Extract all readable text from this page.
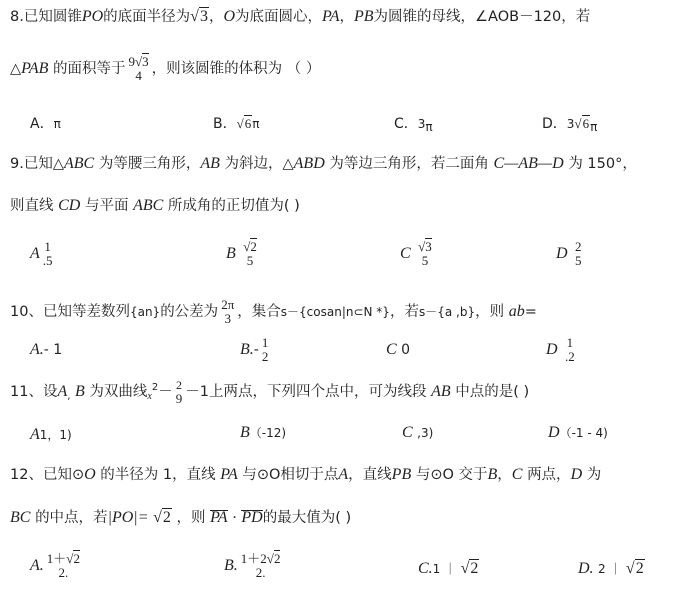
8.已知圆锥PO的底面半径为√3，O为底面圆心，PA，PB为圆锥的母线，∠AOB－120，若
△PAB 的面积等于 9√3
4 ，则该圆锥的体积为 （ ）
A．π	B．√6π	C．3π	D．3√6π
9.已知△ABC 为等腰三角形，AB 为斜边，△ABD 为等边三角形，若二面角 C—AB—D 为 150°，
则直线 CD 与平面 ABC 所成角的正切值为( )
A 1
.5	B √2
5	C √3
5	D 2
5
10、已知等差数列{an}的公差为 2π
3 ，集合s－{cosan|n⊂N *}，若s－{a ,b}，则 ab=
A.- 1	B.- 1
2	C 0	D 1
.2
11、设$A_,$ B 为双曲线$_x^2$－ 2
9 －1上两点，下列四个点中，可为线段 AB 中点的是( )
A1，1)	B（-12)	C ,3)	D（-1 - 4)
12、已知⊙O 的半径为 1，直线 PA 与⊙O相切于点A，直线PB 与⊙O 交于B，C 两点，D 为
BC 的中点，若|PO|= √2 ，则 PA · PD的最大值为( )
A. 1＋√2
2.	B. 1＋2√2
2.	C.1 ｜ √2	D. 2 ｜ √2
